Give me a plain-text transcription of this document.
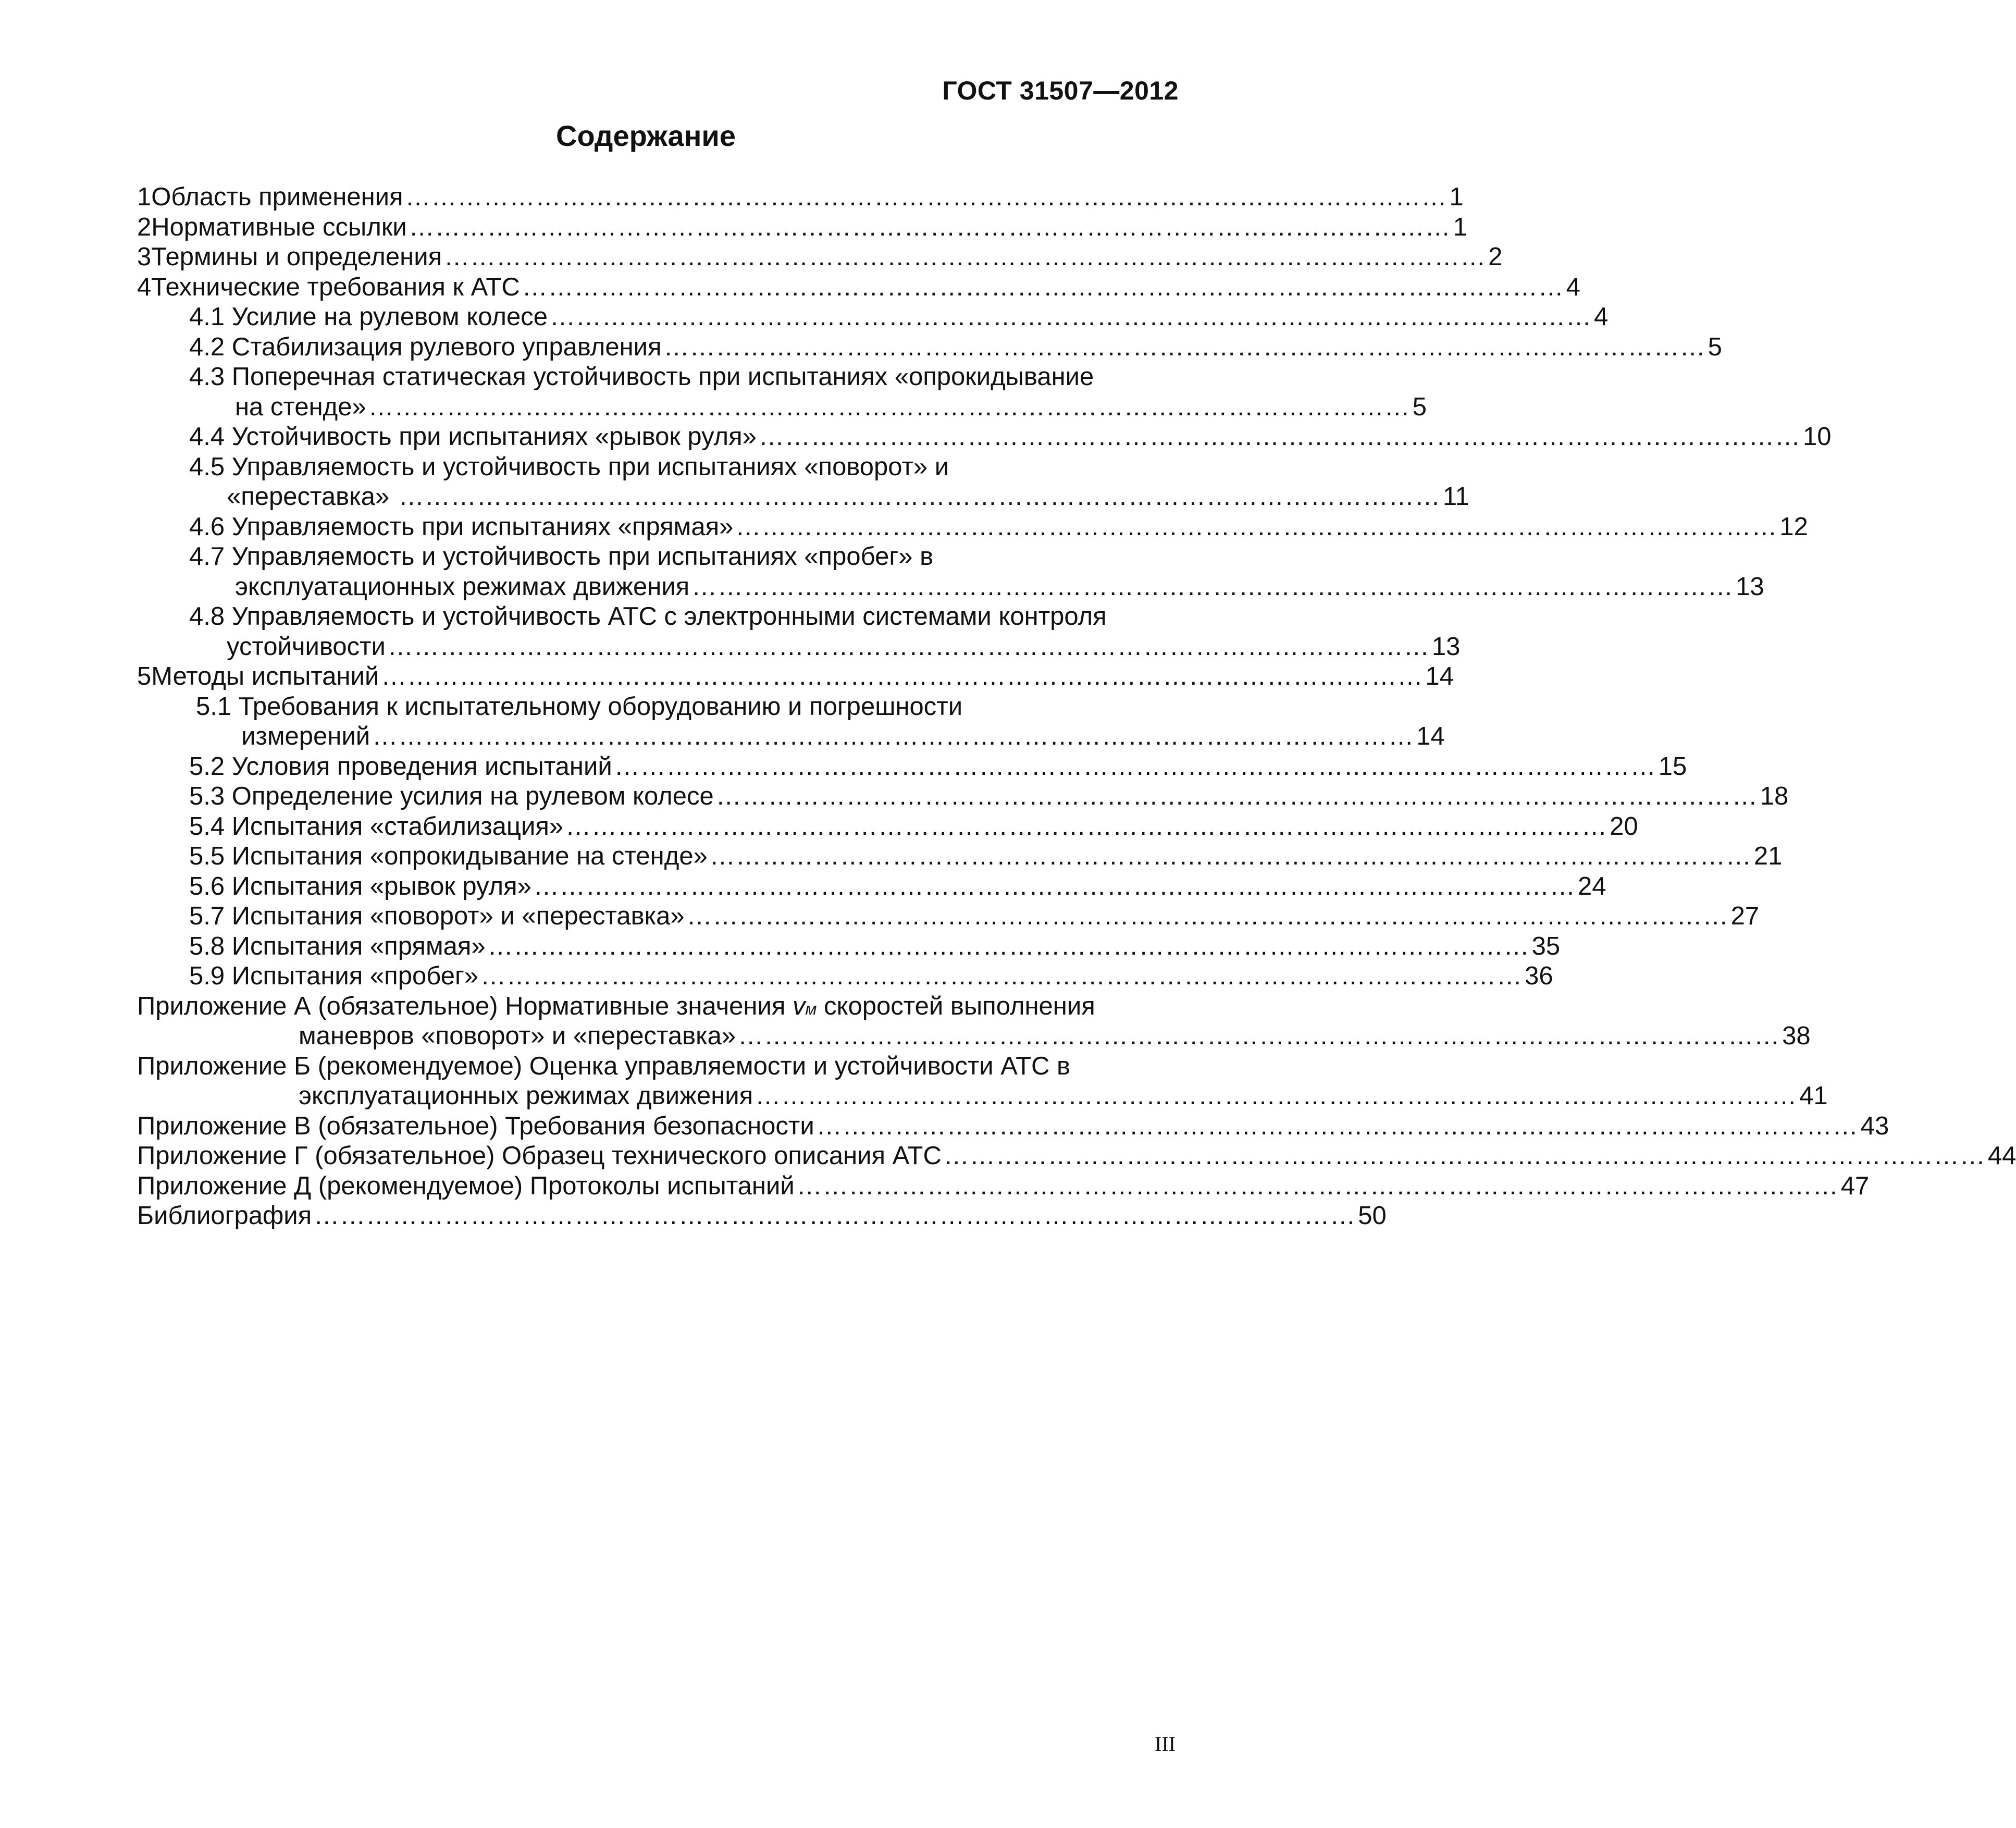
ГОСТ 31507—2012
Содержание
1 Область применения ………………………………………………………………………………………………………… 1
2 Нормативные ссылки ………………………………………………………………………………………………………… 1
3 Термины и определения ………………………………………………………………………………………………………… 2
4 Технические требования к АТС ………………………………………………………………………………………………………… 4
4.1 Усилие на рулевом колесе ………………………………………………………………………………………………………… 4
4.2 Стабилизация рулевого управления ………………………………………………………………………………………………………… 5
4.3 Поперечная статическая устойчивость при испытаниях «опрокидывание
на стенде» ………………………………………………………………………………………………………… 5
4.4 Устойчивость при испытаниях «рывок руля» ………………………………………………………………………………………………………… 10
4.5 Управляемость и устойчивость при испытаниях «поворот» и
«переставка» ………………………………………………………………………………………………………… 11
4.6 Управляемость при испытаниях «прямая» ………………………………………………………………………………………………………… 12
4.7 Управляемость и устойчивость при испытаниях «пробег» в
эксплуатационных режимах движения ………………………………………………………………………………………………………… 13
4.8 Управляемость и устойчивость АТС с электронными системами контроля
устойчивости ………………………………………………………………………………………………………… 13
5 Методы испытаний ………………………………………………………………………………………………………… 14
5.1 Требования к испытательному оборудованию и погрешности
измерений ………………………………………………………………………………………………………… 14
5.2 Условия проведения испытаний ………………………………………………………………………………………………………… 15
5.3 Определение усилия на рулевом колесе ………………………………………………………………………………………………………… 18
5.4 Испытания «стабилизация» ………………………………………………………………………………………………………… 20
5.5 Испытания «опрокидывание на стенде» ………………………………………………………………………………………………………… 21
5.6 Испытания «рывок руля» ………………………………………………………………………………………………………… 24
5.7 Испытания «поворот» и «переставка» ………………………………………………………………………………………………………… 27
5.8 Испытания «прямая» ………………………………………………………………………………………………………… 35
5.9 Испытания «пробег» ………………………………………………………………………………………………………… 36
Приложение А (обязательное) Нормативные значения v м скоростей выполнения
маневров «поворот» и «переставка» ………………………………………………………………………………………………………… 38
Приложение Б (рекомендуемое) Оценка управляемости и устойчивости АТС в
эксплуатационных режимах движения ………………………………………………………………………………………………………… 41
Приложение В (обязательное) Требования безопасности ………………………………………………………………………………………………………… 43
Приложение Г (обязательное) Образец технического описания АТС ………………………………………………………………………………………………………… 44
Приложение Д (рекомендуемое) Протоколы испытаний ………………………………………………………………………………………………………… 47
Библиография ………………………………………………………………………………………………………… 50
III
